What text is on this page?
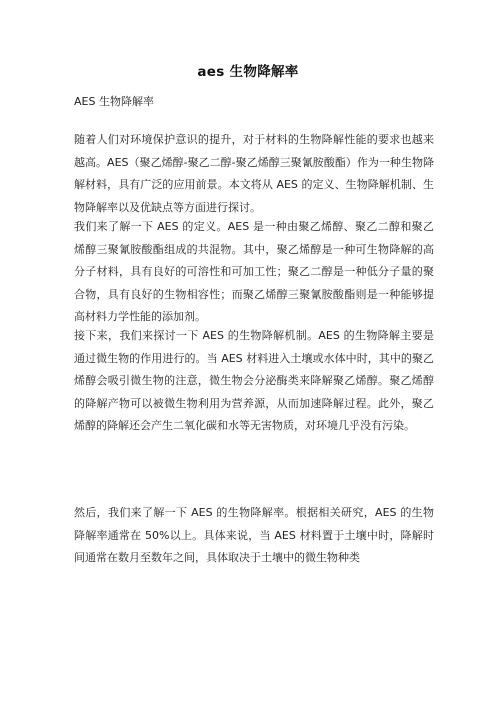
aes 生物降解率
AES 生物降解率
随着人们对环境保护意识的提升，对于材料的生物降解性能的要求也越来越高。AES（聚乙烯醇-聚乙二醇-聚乙烯醇三聚氰胺酸酯）作为一种生物降解材料，具有广泛的应用前景。本文将从 AES 的定义、生物降解机制、生物降解率以及优缺点等方面进行探讨。
我们来了解一下 AES 的定义。AES 是一种由聚乙烯醇、聚乙二醇和聚乙烯醇三聚氰胺酸酯组成的共混物。其中，聚乙烯醇是一种可生物降解的高分子材料，具有良好的可溶性和可加工性；聚乙二醇是一种低分子量的聚合物，具有良好的生物相容性；而聚乙烯醇三聚氰胺酸酯则是一种能够提高材料力学性能的添加剂。
接下来，我们来探讨一下 AES 的生物降解机制。AES 的生物降解主要是通过微生物的作用进行的。当 AES 材料进入土壤或水体中时，其中的聚乙烯醇会吸引微生物的注意，微生物会分泌酶类来降解聚乙烯醇。聚乙烯醇的降解产物可以被微生物利用为营养源，从而加速降解过程。此外，聚乙烯醇的降解还会产生二氧化碳和水等无害物质，对环境几乎没有污染。
然后，我们来了解一下 AES 的生物降解率。根据相关研究，AES 的生物降解率通常在 50%以上。具体来说，当 AES 材料置于土壤中时，降解时间通常在数月至数年之间，具体取决于土壤中的微生物种类
